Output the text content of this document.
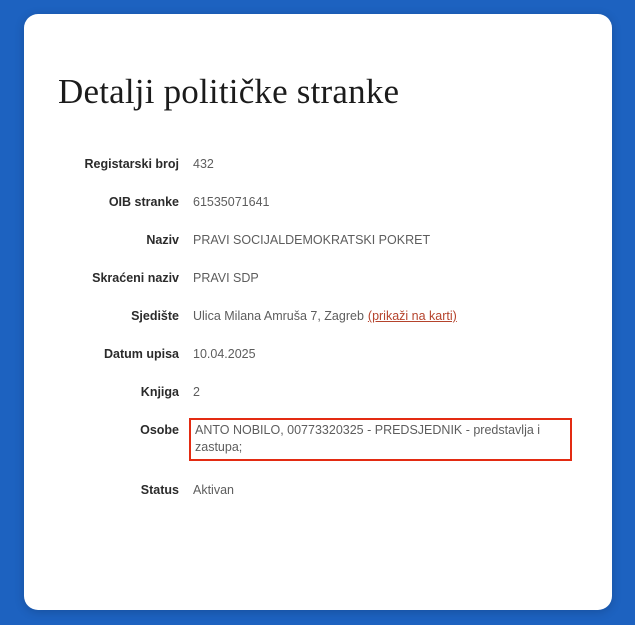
Detalji političke stranke
Registarski broj	432
OIB stranke	61535071641
Naziv	PRAVI SOCIJALDEMOKRATSKI POKRET
Skraćeni naziv	PRAVI SDP
Sjedište	Ulica Milana Amruša 7, Zagreb (prikaži na karti)
Datum upisa	10.04.2025
Knjiga	2
Osobe	ANTO NOBILO, 00773320325 - PREDSJEDNIK - predstavlja i zastupa;
Status	Aktivan
